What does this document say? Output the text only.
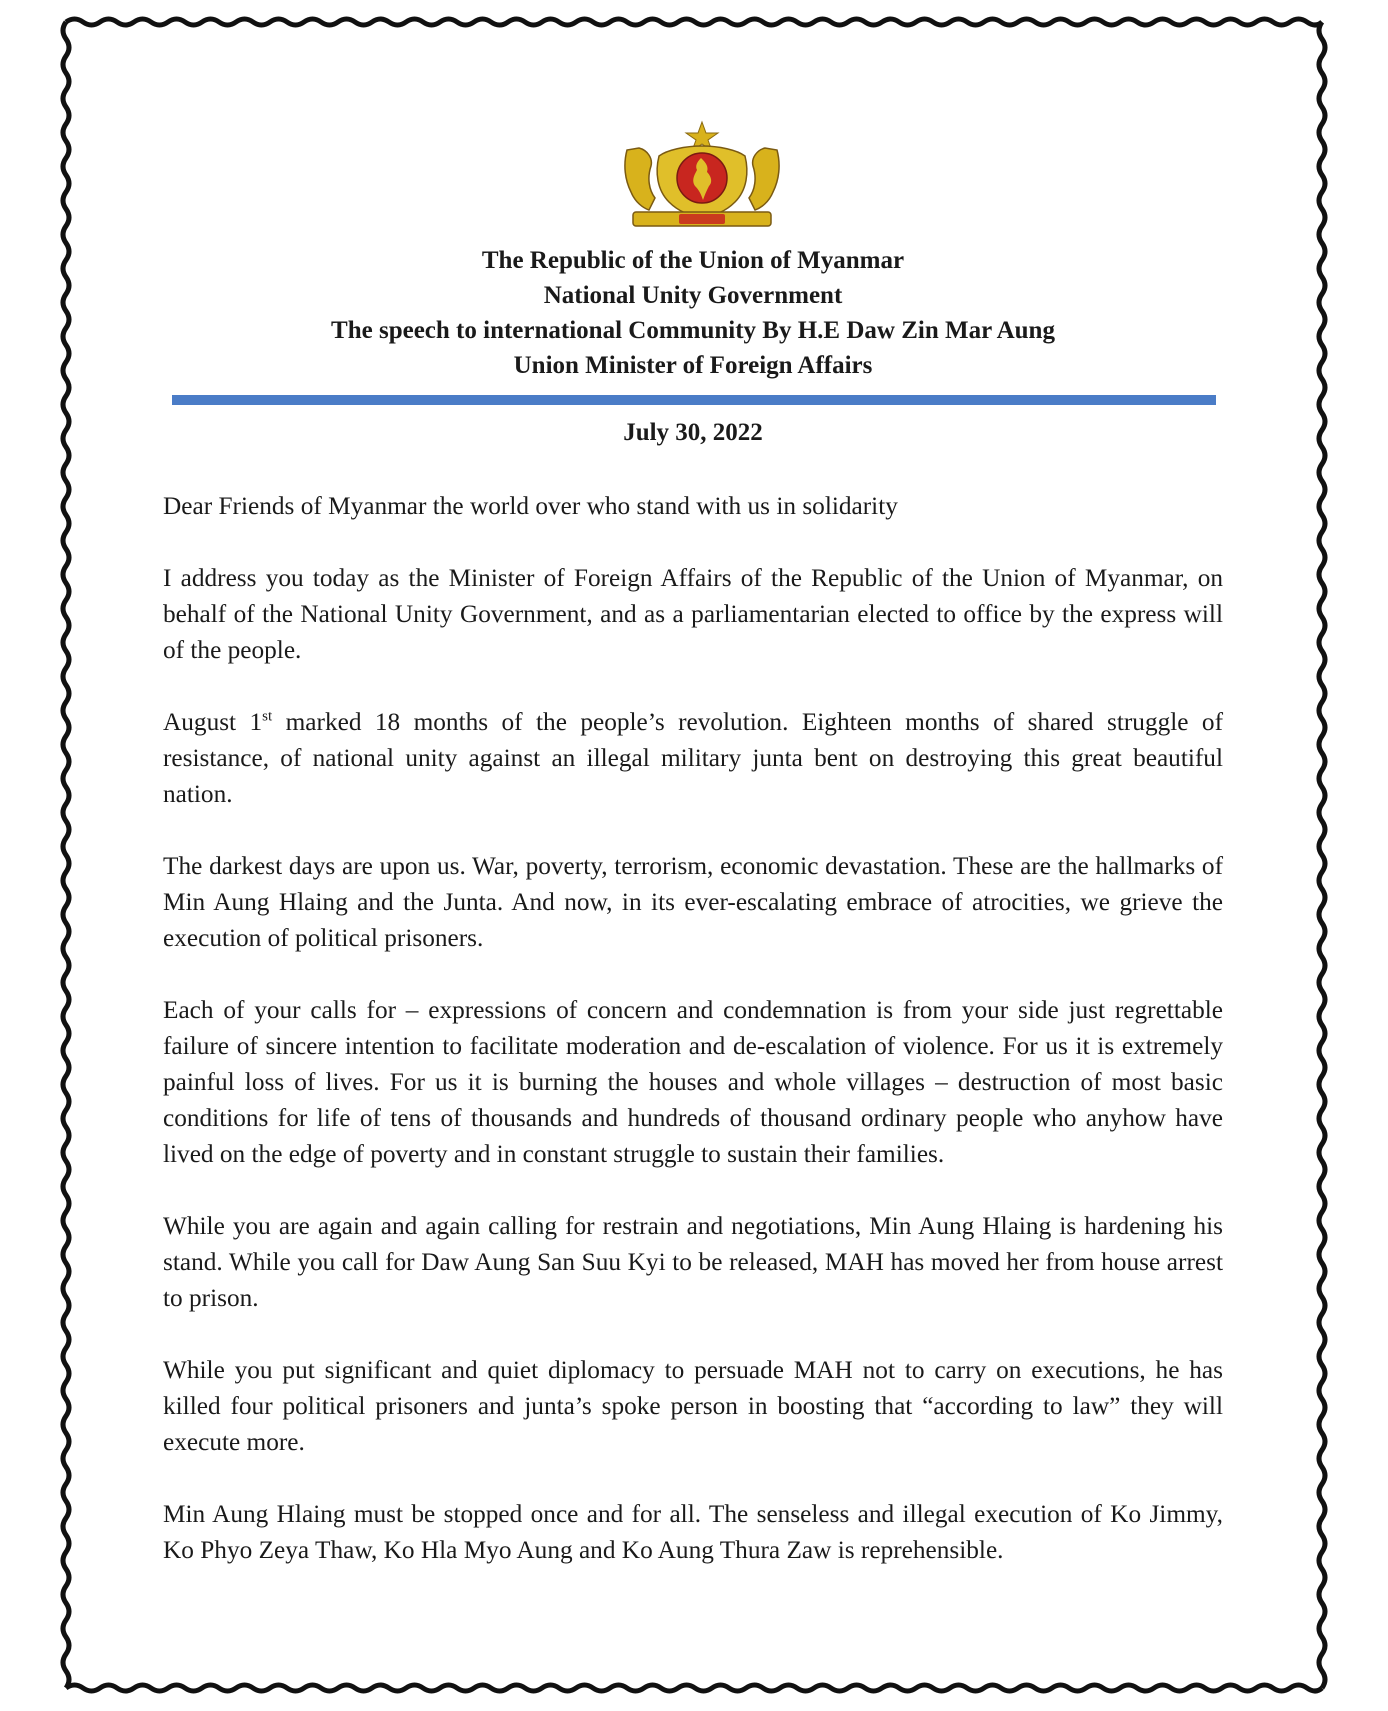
The Republic of the Union of Myanmar
National Unity Government
The speech to international Community By H.E Daw Zin Mar Aung
Union Minister of Foreign Affairs
July 30, 2022

Dear Friends of Myanmar the world over who stand with us in solidarity

I address you today as the Minister of Foreign Affairs of the Republic of the Union of Myanmar, on behalf of the National Unity Government, and as a parliamentarian elected to office by the express will of the people.

August 1st marked 18 months of the people’s revolution. Eighteen months of shared struggle of resistance, of national unity against an illegal military junta bent on destroying this great beautiful nation.

The darkest days are upon us. War, poverty, terrorism, economic devastation. These are the hallmarks of Min Aung Hlaing and the Junta. And now, in its ever-escalating embrace of atrocities, we grieve the execution of political prisoners.

Each of your calls for – expressions of concern and condemnation is from your side just regrettable failure of sincere intention to facilitate moderation and de-escalation of violence. For us it is extremely painful loss of lives. For us it is burning the houses and whole villages – destruction of most basic conditions for life of tens of thousands and hundreds of thousand ordinary people who anyhow have lived on the edge of poverty and in constant struggle to sustain their families.

While you are again and again calling for restrain and negotiations, Min Aung Hlaing is hardening his stand. While you call for Daw Aung San Suu Kyi to be released, MAH has moved her from house arrest to prison.

While you put significant and quiet diplomacy to persuade MAH not to carry on executions, he has killed four political prisoners and junta’s spoke person in boosting that “according to law” they will execute more.

Min Aung Hlaing must be stopped once and for all. The senseless and illegal execution of Ko Jimmy, Ko Phyo Zeya Thaw, Ko Hla Myo Aung and Ko Aung Thura Zaw is reprehensible.
